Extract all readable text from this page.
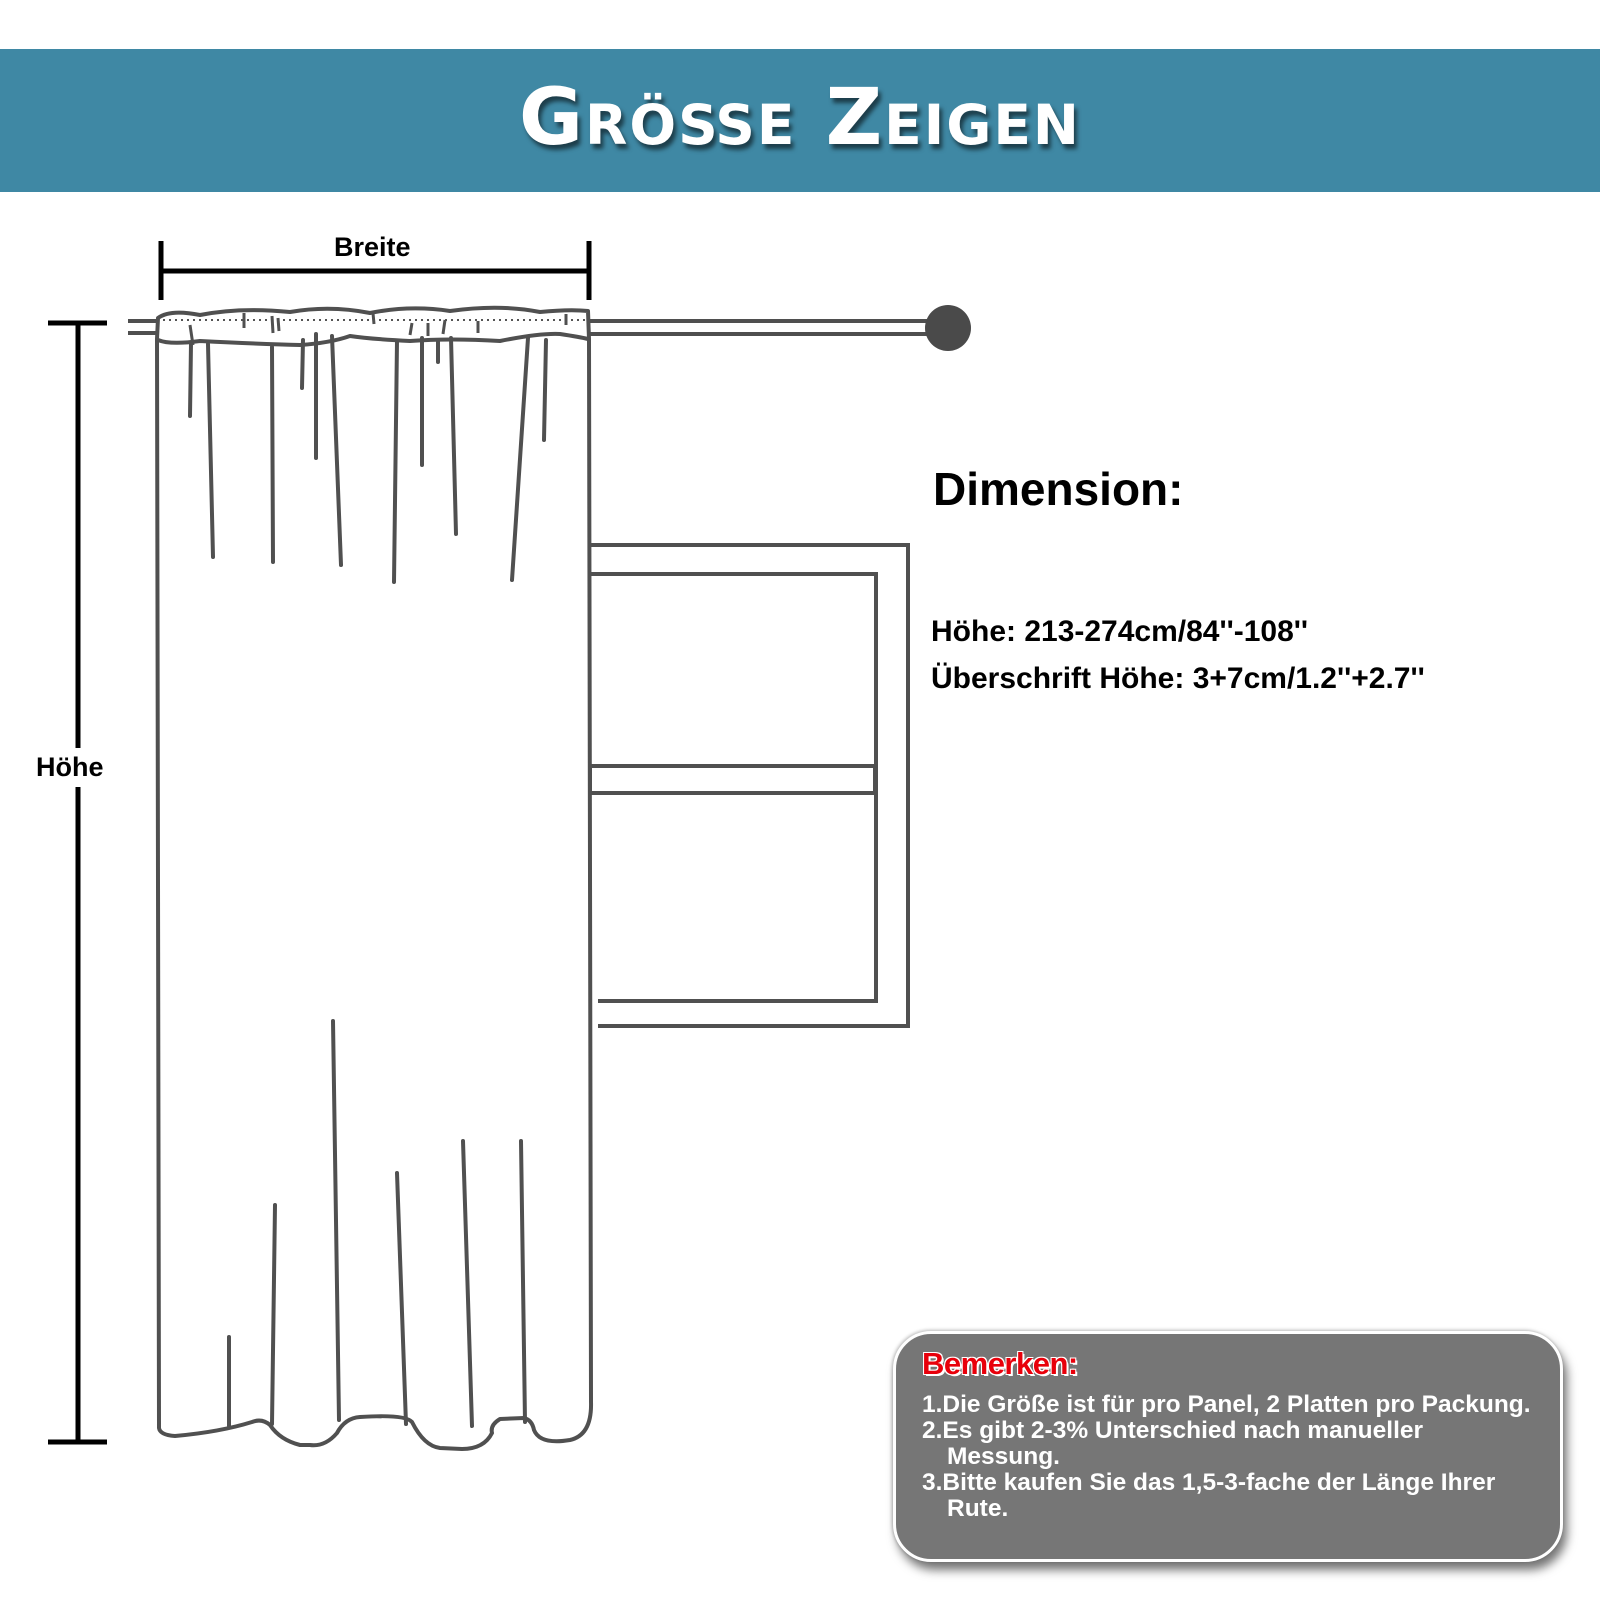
Größe Zeigen
Breite
Höhe
Dimension:
Höhe: 213-274cm/84''-108''
Überschrift Höhe: 3+7cm/1.2''+2.7''
Bemerken:
1.Die Größe ist für pro Panel, 2 Platten pro Packung.
2.Es gibt 2-3% Unterschied nach manueller Messung.
3.Bitte kaufen Sie das 1,5-3-fache der Länge Ihrer Rute.
